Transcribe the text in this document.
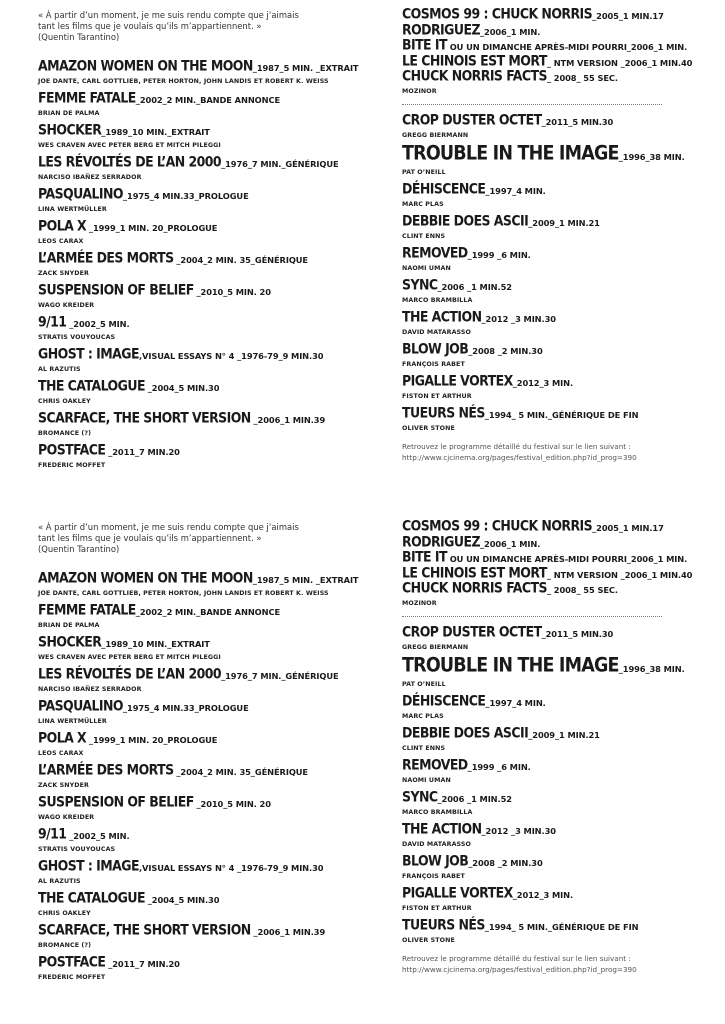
« À partir d’un moment, je me suis rendu compte que j’aimais
tant les films que je voulais qu’ils m’appartiennent. »
(Quentin Tarantino)
AMAZON WOMEN ON THE MOON_1987_5 MIN. _EXTRAIT
JOE DANTE, CARL GOTTLIEB, PETER HORTON, JOHN LANDIS ET ROBERT K. WEISS
FEMME FATALE_2002_2 MIN._BANDE ANNONCE
BRIAN DE PALMA
SHOCKER_1989_10 MIN._EXTRAIT
WES CRAVEN AVEC PETER BERG ET MITCH PILEGGI
LES RÉVOLTÉS DE L’AN 2000_1976_7 MIN._GÉNÉRIQUE
NARCISO IBAÑEZ SERRADOR
PASQUALINO_1975_4 MIN.33_PROLOGUE
LINA WERTMÜLLER
POLA X _1999_1 MIN. 20_PROLOGUE
LEOS CARAX
L’ARMÉE DES MORTS _2004_2 MIN. 35_GÉNÉRIQUE
ZACK SNYDER
SUSPENSION OF BELIEF _2010_5 MIN. 20
WAGO KREIDER
9/11 _2002_5 MIN.
STRATIS VOUYOUCAS
GHOST : IMAGE,VISUAL ESSAYS N° 4 _1976-79_9 MIN.30
AL RAZUTIS
THE CATALOGUE _2004_5 MIN.30
CHRIS OAKLEY
SCARFACE, THE SHORT VERSION _2006_1 MIN.39
BROMANCE (?)
POSTFACE _2011_7 MIN.20
FREDERIC MOFFET
COSMOS 99 : CHUCK NORRIS_2005_1 MIN.17
RODRIGUEZ_2006_1 MIN.
BITE IT OU UN DIMANCHE APRÈS-MIDI POURRI_2006_1 MIN.
LE CHINOIS EST MORT_ NTM VERSION _2006_1 MIN.40
CHUCK NORRIS FACTS_ 2008_ 55 SEC.
MOZINOR
CROP DUSTER OCTET_2011_5 MIN.30
GREGG BIERMANN
TROUBLE IN THE IMAGE_1996_38 MIN.
PAT O’NEILL
DÉHISCENCE_1997_4 MIN.
MARC PLAS
DEBBIE DOES ASCII_2009_1 MIN.21
CLINT ENNS
REMOVED_1999 _6 MIN.
NAOMI UMAN
SYNC_2006 _1 MIN.52
MARCO BRAMBILLA
THE ACTION_2012 _3 MIN.30
DAVID MATARASSO
BLOW JOB_2008 _2 MIN.30
FRANÇOIS RABET
PIGALLE VORTEX_2012_3 MIN.
FISTON ET ARTHUR
TUEURS NÉS_1994_ 5 MIN._GÉNÉRIQUE DE FIN
OLIVER STONE
Retrouvez le programme détaillé du festival sur le lien suivant :
http://www.cjcinema.org/pages/festival_edition.php?id_prog=390
« À partir d’un moment, je me suis rendu compte que j’aimais
tant les films que je voulais qu’ils m’appartiennent. »
(Quentin Tarantino)
AMAZON WOMEN ON THE MOON_1987_5 MIN. _EXTRAIT
JOE DANTE, CARL GOTTLIEB, PETER HORTON, JOHN LANDIS ET ROBERT K. WEISS
FEMME FATALE_2002_2 MIN._BANDE ANNONCE
BRIAN DE PALMA
SHOCKER_1989_10 MIN._EXTRAIT
WES CRAVEN AVEC PETER BERG ET MITCH PILEGGI
LES RÉVOLTÉS DE L’AN 2000_1976_7 MIN._GÉNÉRIQUE
NARCISO IBAÑEZ SERRADOR
PASQUALINO_1975_4 MIN.33_PROLOGUE
LINA WERTMÜLLER
POLA X _1999_1 MIN. 20_PROLOGUE
LEOS CARAX
L’ARMÉE DES MORTS _2004_2 MIN. 35_GÉNÉRIQUE
ZACK SNYDER
SUSPENSION OF BELIEF _2010_5 MIN. 20
WAGO KREIDER
9/11 _2002_5 MIN.
STRATIS VOUYOUCAS
GHOST : IMAGE,VISUAL ESSAYS N° 4 _1976-79_9 MIN.30
AL RAZUTIS
THE CATALOGUE _2004_5 MIN.30
CHRIS OAKLEY
SCARFACE, THE SHORT VERSION _2006_1 MIN.39
BROMANCE (?)
POSTFACE _2011_7 MIN.20
FREDERIC MOFFET
COSMOS 99 : CHUCK NORRIS_2005_1 MIN.17
RODRIGUEZ_2006_1 MIN.
BITE IT OU UN DIMANCHE APRÈS-MIDI POURRI_2006_1 MIN.
LE CHINOIS EST MORT_ NTM VERSION _2006_1 MIN.40
CHUCK NORRIS FACTS_ 2008_ 55 SEC.
MOZINOR
CROP DUSTER OCTET_2011_5 MIN.30
GREGG BIERMANN
TROUBLE IN THE IMAGE_1996_38 MIN.
PAT O’NEILL
DÉHISCENCE_1997_4 MIN.
MARC PLAS
DEBBIE DOES ASCII_2009_1 MIN.21
CLINT ENNS
REMOVED_1999 _6 MIN.
NAOMI UMAN
SYNC_2006 _1 MIN.52
MARCO BRAMBILLA
THE ACTION_2012 _3 MIN.30
DAVID MATARASSO
BLOW JOB_2008 _2 MIN.30
FRANÇOIS RABET
PIGALLE VORTEX_2012_3 MIN.
FISTON ET ARTHUR
TUEURS NÉS_1994_ 5 MIN._GÉNÉRIQUE DE FIN
OLIVER STONE
Retrouvez le programme détaillé du festival sur le lien suivant :
http://www.cjcinema.org/pages/festival_edition.php?id_prog=390
